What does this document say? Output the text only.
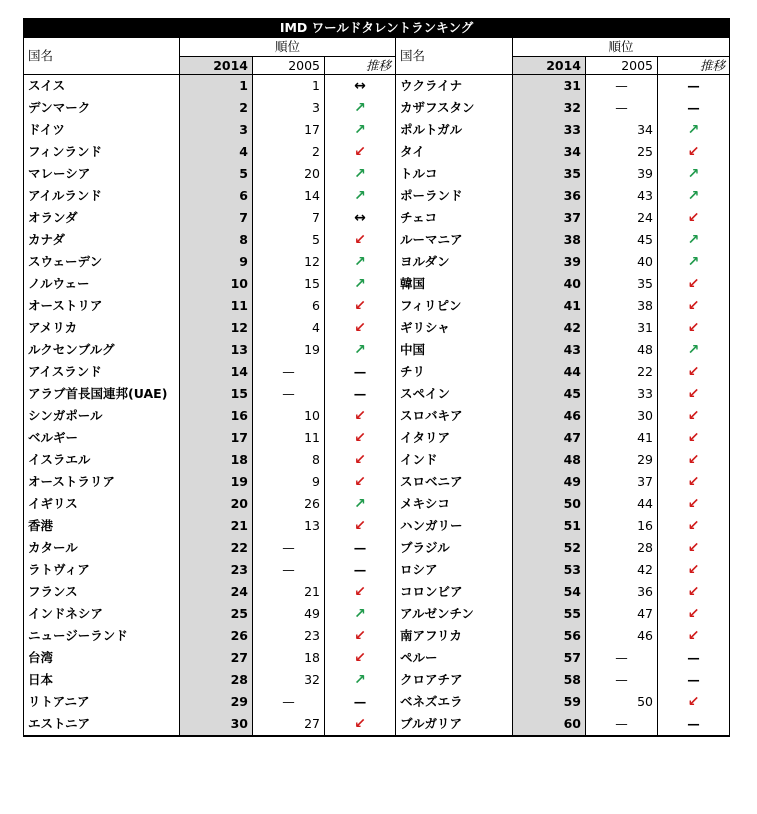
IMD ワールドタレントランキング							
国名	順位			国名	順位		
	2014	2005	推移		2014	2005	推移
スイス	1	1	↔	ウクライナ	31	—	—
デンマーク	2	3	↗	カザフスタン	32	—	—
ドイツ	3	17	↗	ポルトガル	33	34	↗
フィンランド	4	2	↙	タイ	34	25	↙
マレーシア	5	20	↗	トルコ	35	39	↗
アイルランド	6	14	↗	ポーランド	36	43	↗
オランダ	7	7	↔	チェコ	37	24	↙
カナダ	8	5	↙	ルーマニア	38	45	↗
スウェーデン	9	12	↗	ヨルダン	39	40	↗
ノルウェー	10	15	↗	韓国	40	35	↙
オーストリア	11	6	↙	フィリピン	41	38	↙
アメリカ	12	4	↙	ギリシャ	42	31	↙
ルクセンブルグ	13	19	↗	中国	43	48	↗
アイスランド	14	—	—	チリ	44	22	↙
アラブ首長国連邦(UAE)	15	—	—	スペイン	45	33	↙
シンガポール	16	10	↙	スロバキア	46	30	↙
ベルギー	17	11	↙	イタリア	47	41	↙
イスラエル	18	8	↙	インド	48	29	↙
オーストラリア	19	9	↙	スロベニア	49	37	↙
イギリス	20	26	↗	メキシコ	50	44	↙
香港	21	13	↙	ハンガリー	51	16	↙
カタール	22	—	—	ブラジル	52	28	↙
ラトヴィア	23	—	—	ロシア	53	42	↙
フランス	24	21	↙	コロンビア	54	36	↙
インドネシア	25	49	↗	アルゼンチン	55	47	↙
ニュージーランド	26	23	↙	南アフリカ	56	46	↙
台湾	27	18	↙	ペルー	57	—	—
日本	28	32	↗	クロアチア	58	—	—
リトアニア	29	—	—	ベネズエラ	59	50	↙
エストニア	30	27	↙	ブルガリア	60	—	—
